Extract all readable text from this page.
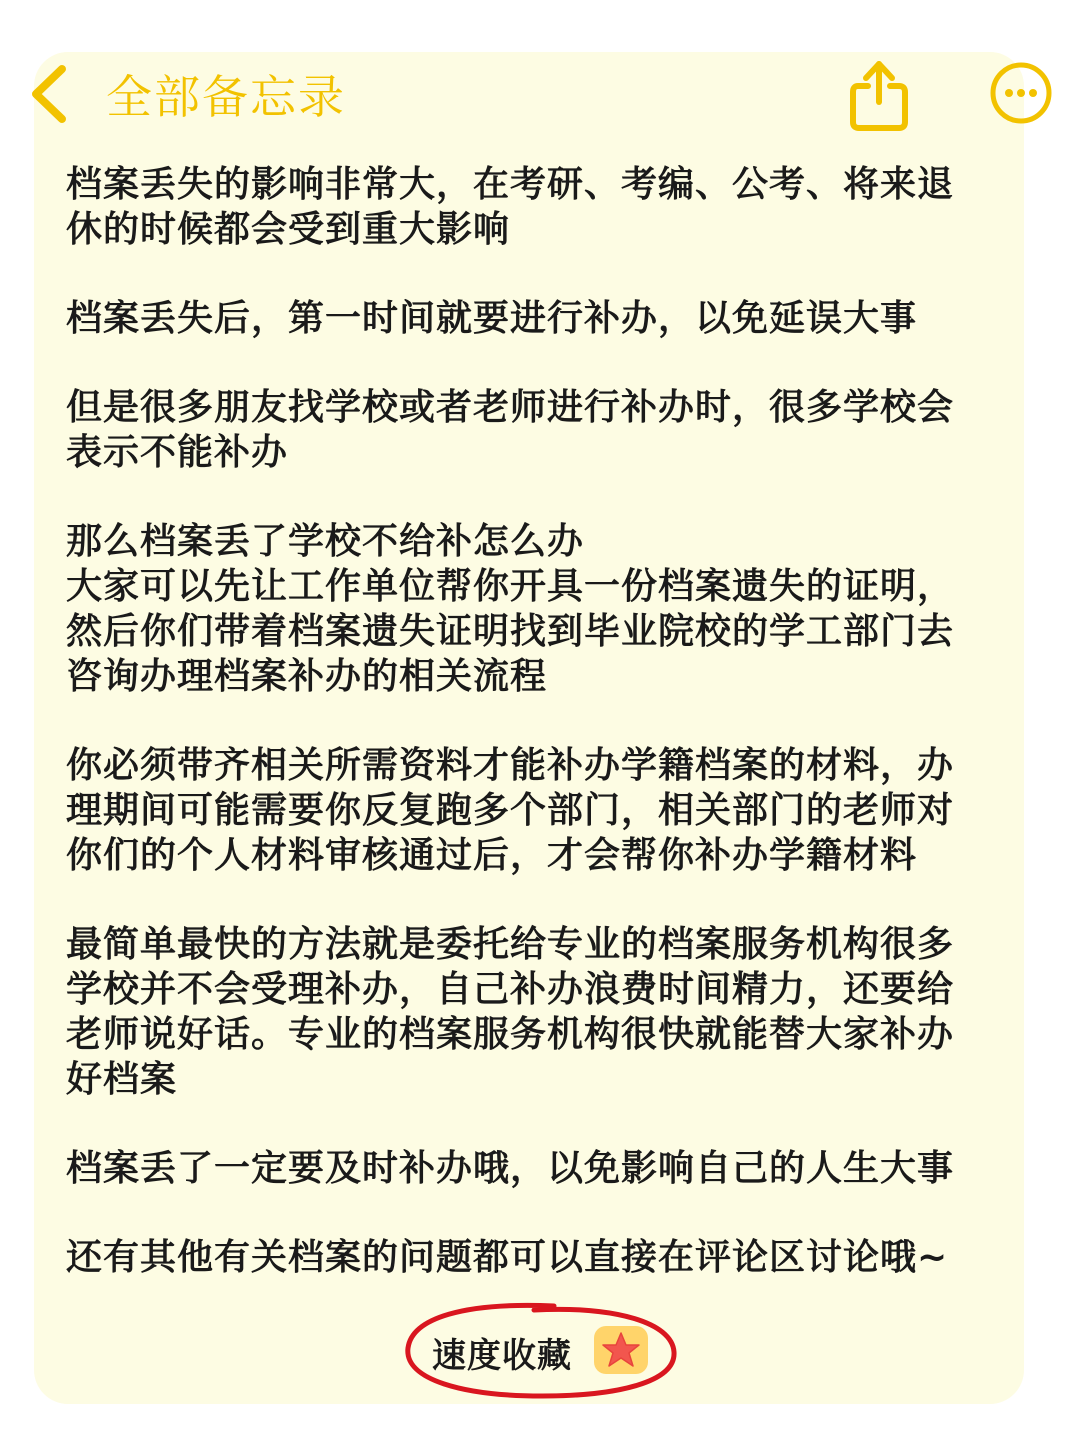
全部备忘录

档案丢失的影响非常大，在考研、考编、公考、将来退
休的时候都会受到重大影响

档案丢失后，第一时间就要进行补办，以免延误大事

但是很多朋友找学校或者老师进行补办时，很多学校会
表示不能补办

那么档案丢了学校不给补怎么办
大家可以先让工作单位帮你开具一份档案遗失的证明，
然后你们带着档案遗失证明找到毕业院校的学工部门去
咨询办理档案补办的相关流程

你必须带齐相关所需资料才能补办学籍档案的材料，办
理期间可能需要你反复跑多个部门，相关部门的老师对
你们的个人材料审核通过后，才会帮你补办学籍材料

最简单最快的方法就是委托给专业的档案服务机构很多
学校并不会受理补办，自己补办浪费时间精力，还要给
老师说好话。专业的档案服务机构很快就能替大家补办
好档案

档案丢了一定要及时补办哦，以免影响自己的人生大事

还有其他有关档案的问题都可以直接在评论区讨论哦~

速度收藏
